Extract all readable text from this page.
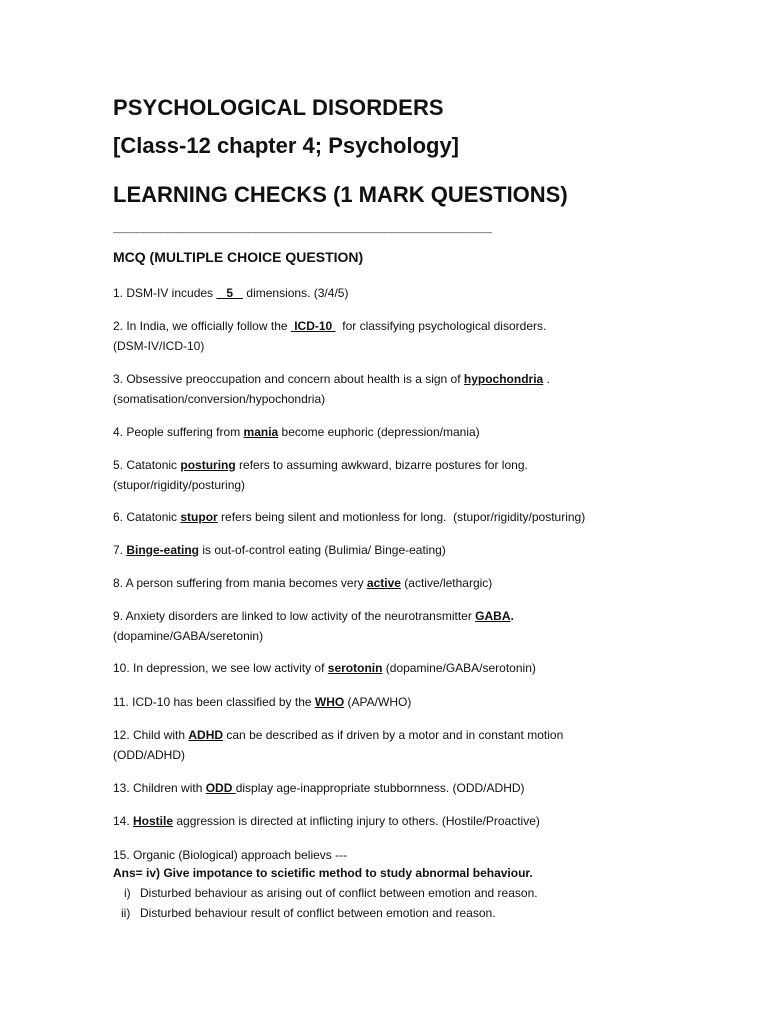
PSYCHOLOGICAL DISORDERS
[Class-12 chapter 4; Psychology]
LEARNING CHECKS (1 MARK QUESTIONS)
________________________________________________________________
MCQ (MULTIPLE CHOICE QUESTION)
1. DSM-IV incudes    5    dimensions. (3/4/5)
2. In India, we officially follow the  ICD-10   for classifying psychological disorders.
(DSM-IV/ICD-10)
3. Obsessive preoccupation and concern about health is a sign of hypochondria .
(somatisation/conversion/hypochondria)
4. People suffering from mania become euphoric (depression/mania)
5. Catatonic posturing refers to assuming awkward, bizarre postures for long.
(stupor/rigidity/posturing)
6. Catatonic stupor refers being silent and motionless for long.  (stupor/rigidity/posturing)
7. Binge-eating is out-of-control eating (Bulimia/ Binge-eating)
8. A person suffering from mania becomes very active (active/lethargic)
9. Anxiety disorders are linked to low activity of the neurotransmitter GABA.
(dopamine/GABA/seretonin)
10. In depression, we see low activity of serotonin (dopamine/GABA/serotonin)
11. ICD-10 has been classified by the WHO (APA/WHO)
12. Child with ADHD can be described as if driven by a motor and in constant motion
(ODD/ADHD)
13. Children with ODD display age-inappropriate stubbornness. (ODD/ADHD)
14. Hostile aggression is directed at inflicting injury to others. (Hostile/Proactive)
15. Organic (Biological) approach believs ---
Ans= iv) Give impotance to scietific method to study abnormal behaviour.
i) Disturbed behaviour as arising out of conflict between emotion and reason.
ii) Disturbed behaviour result of conflict between emotion and reason.
